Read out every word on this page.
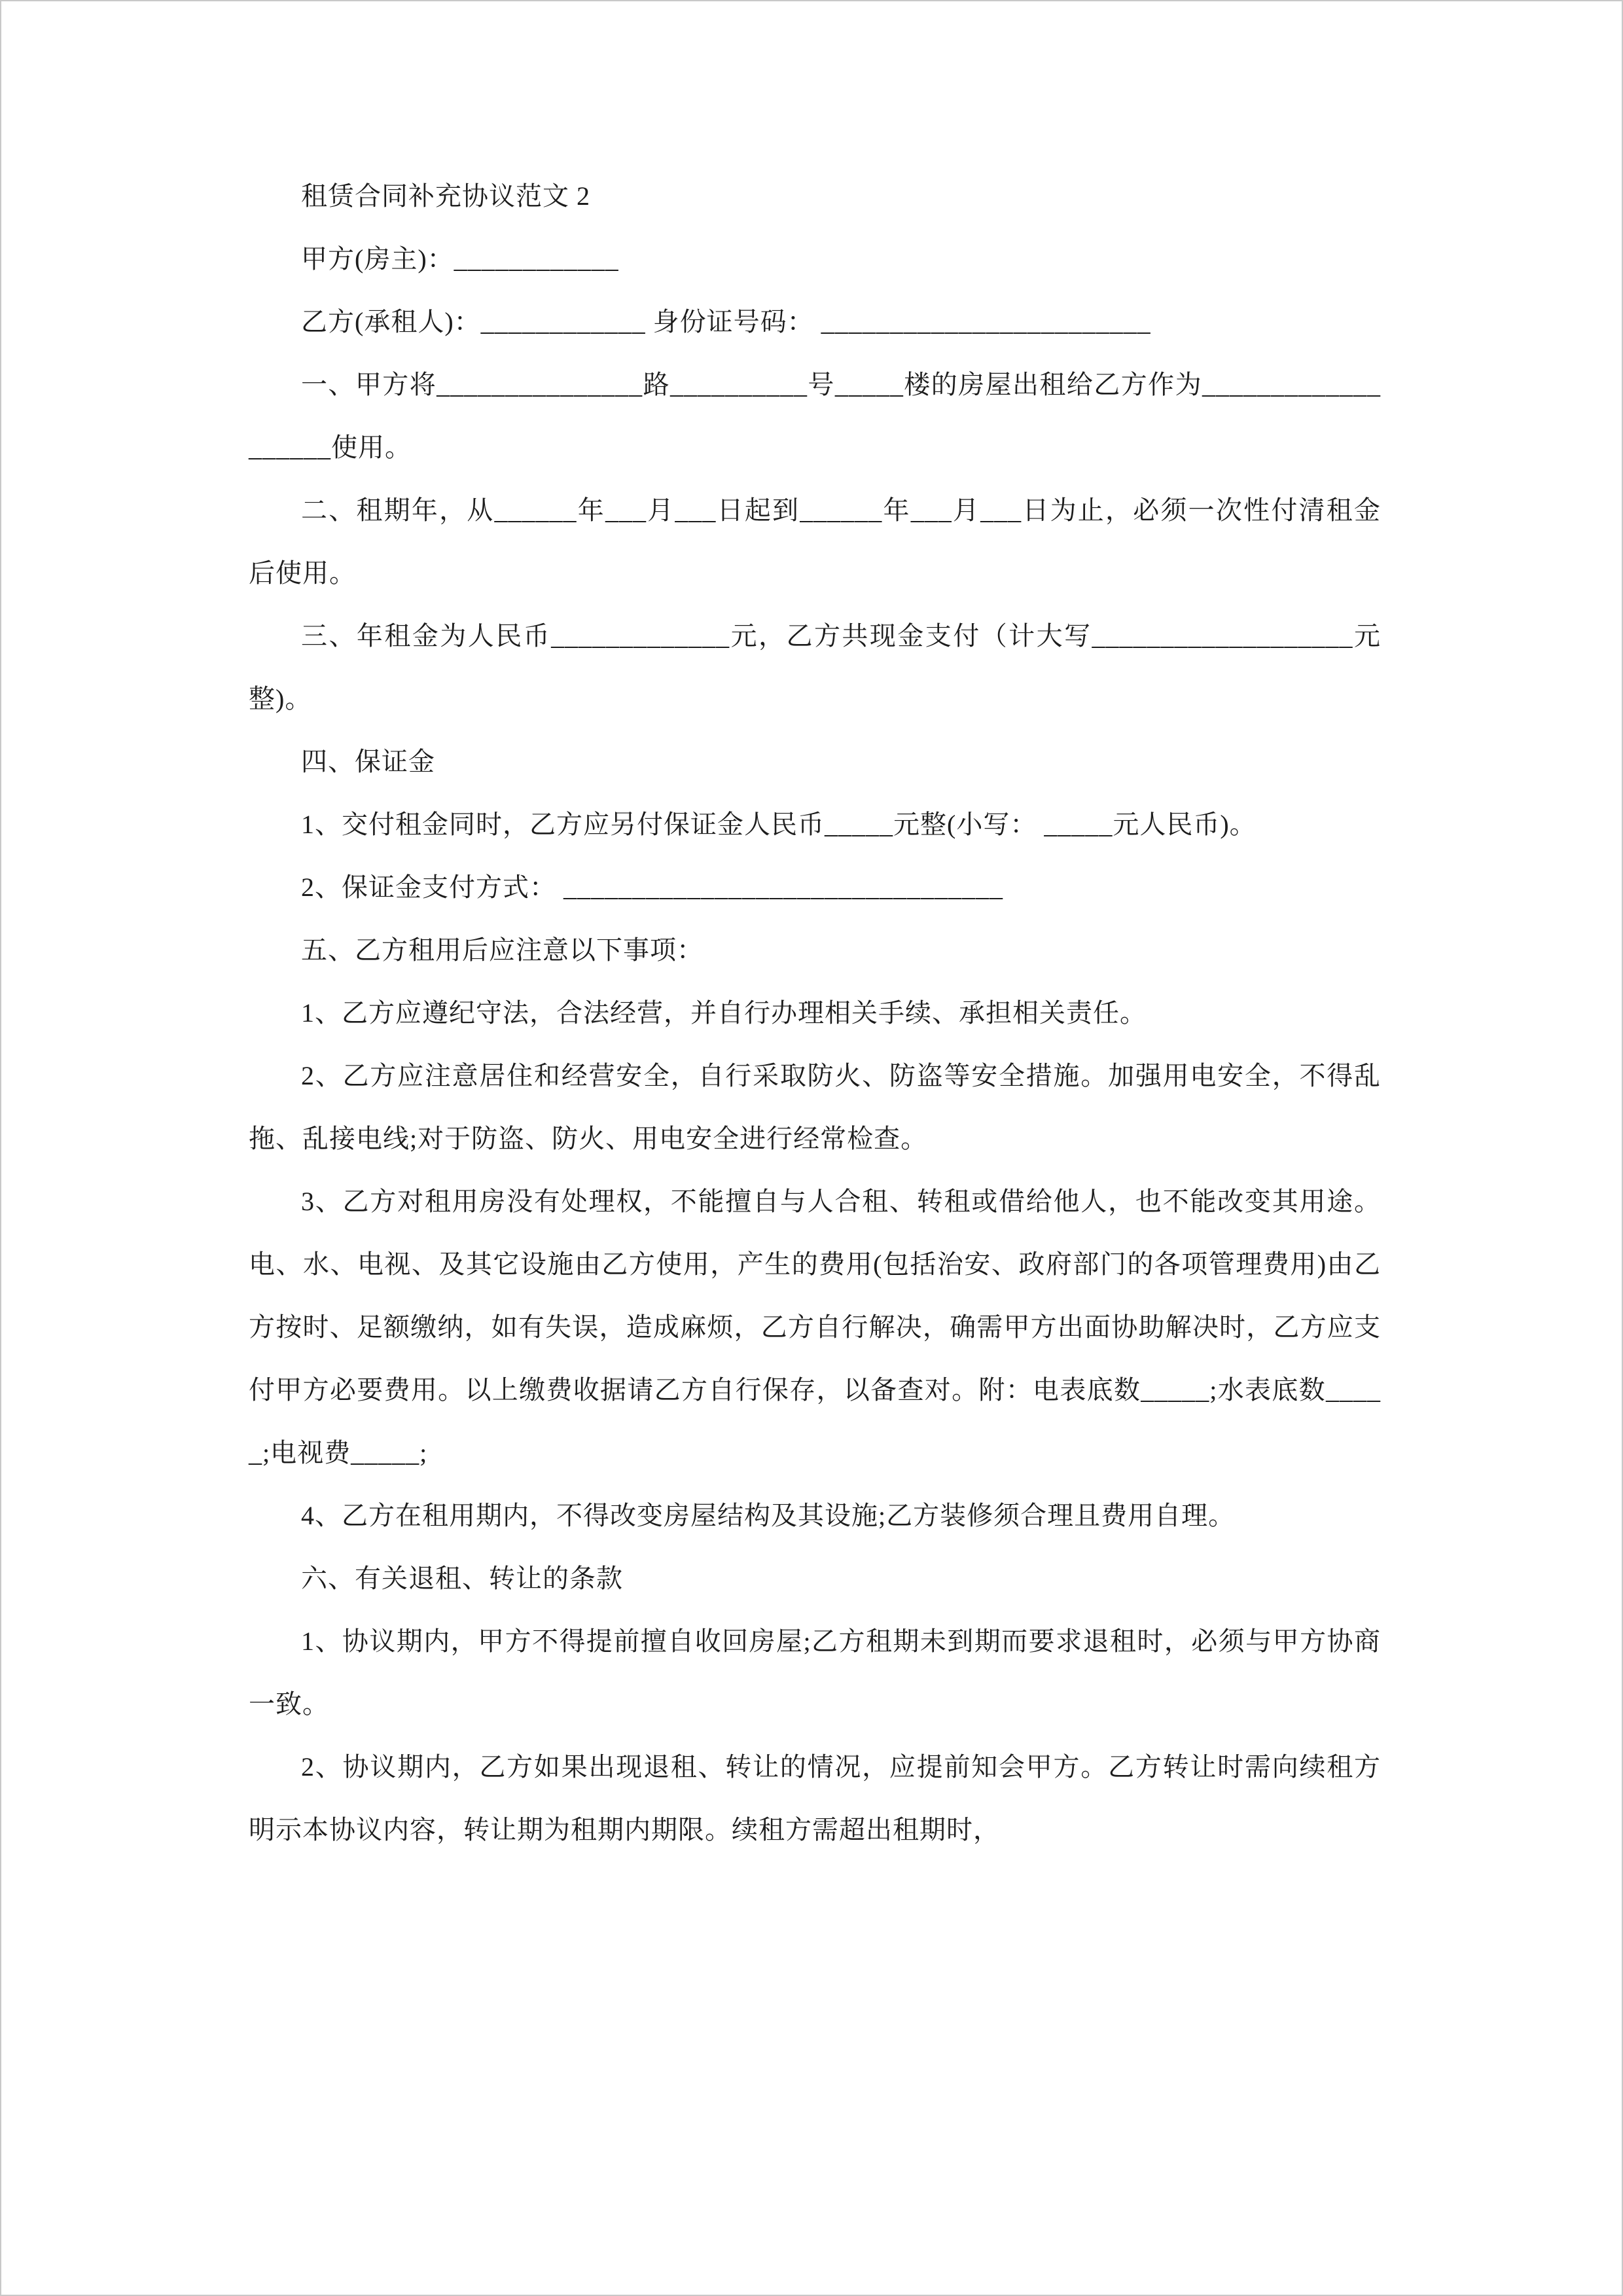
租赁合同补充协议范文 2

甲方(房主)：____________

乙方(承租人)：____________ 身份证号码： ________________________

一、甲方将_______________路__________号_____楼的房屋出租给乙方作为___________________使用。

二、租期年，从______年___月___日起到______年___月___日为止，必须一次性付清租金后使用。

三、年租金为人民币_____________元，乙方共现金支付（计大写___________________元整)。

四、保证金

1、交付租金同时，乙方应另付保证金人民币_____元整(小写： _____元人民币)。

2、保证金支付方式： ________________________________

五、乙方租用后应注意以下事项：

1、乙方应遵纪守法，合法经营，并自行办理相关手续、承担相关责任。

2、乙方应注意居住和经营安全，自行采取防火、防盗等安全措施。加强用电安全，不得乱拖、乱接电线;对于防盗、防火、用电安全进行经常检查。

3、乙方对租用房没有处理权，不能擅自与人合租、转租或借给他人，也不能改变其用途。电、水、电视、及其它设施由乙方使用，产生的费用(包括治安、政府部门的各项管理费用)由乙方按时、足额缴纳，如有失误，造成麻烦，乙方自行解决，确需甲方出面协助解决时，乙方应支付甲方必要费用。以上缴费收据请乙方自行保存，以备查对。附：电表底数_____;水表底数_____;电视费_____;

4、乙方在租用期内，不得改变房屋结构及其设施;乙方装修须合理且费用自理。

六、有关退租、转让的条款

1、协议期内，甲方不得提前擅自收回房屋;乙方租期未到期而要求退租时，必须与甲方协商一致。

2、协议期内，乙方如果出现退租、转让的情况，应提前知会甲方。乙方转让时需向续租方明示本协议内容，转让期为租期内期限。续租方需超出租期时，
